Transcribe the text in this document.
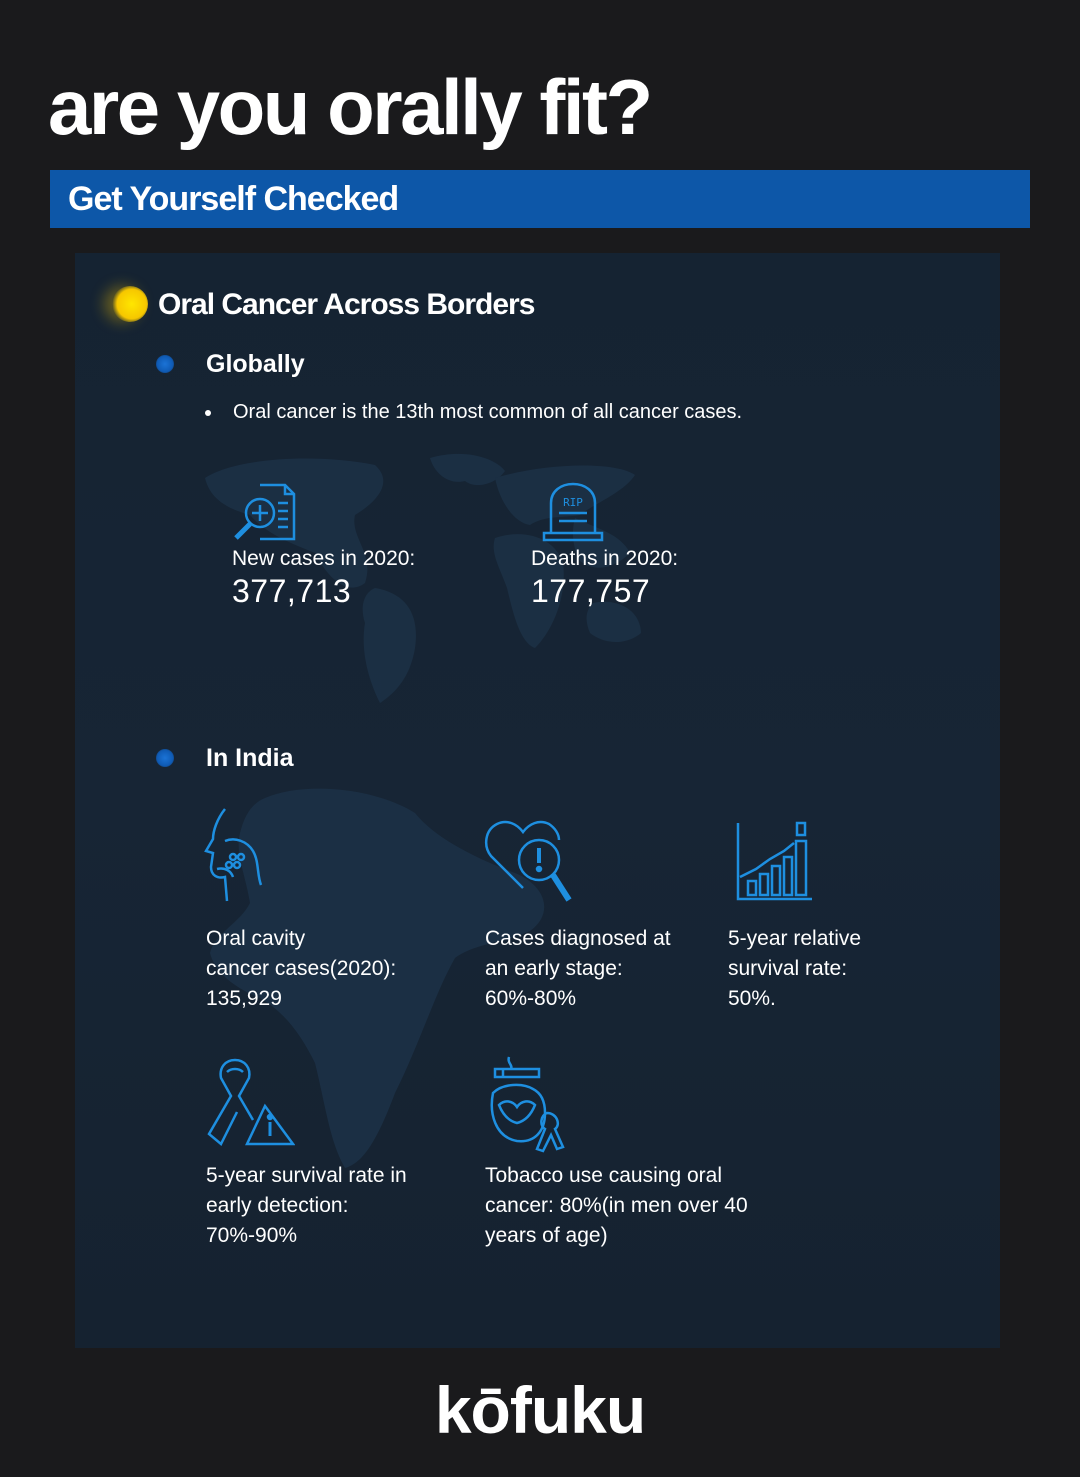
are you orally fit?

Get Yourself Checked

Oral Cancer Across Borders
Globally

Oral cancer is the 13th most common of all cancer cases.

New cases in 2020:

377,713

RIP

Deaths in 2020:

177,757

In India

Oral cavity
cancer cases(2020):
135,929

Cases diagnosed at
an early stage:
60%-80%

5-year relative
survival rate:
50%.

5-year survival rate in
early detection:
70%-90%

Tobacco use causing oral
cancer: 80%(in men over 40
years of age)

kōfuku
